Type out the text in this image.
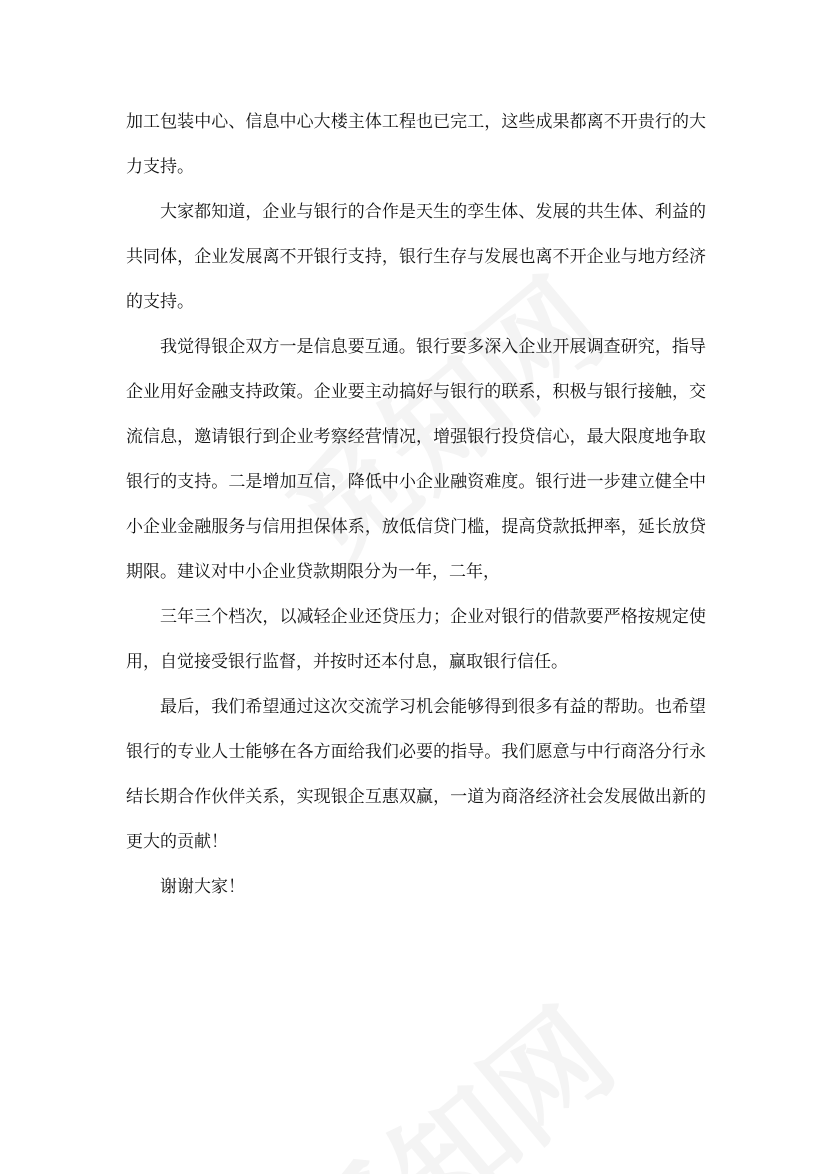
加工包装中心、信息中心大楼主体工程也已完工，这些成果都离不开贵行的大力支持。

大家都知道，企业与银行的合作是天生的孪生体、发展的共生体、利益的共同体，企业发展离不开银行支持，银行生存与发展也离不开企业与地方经济的支持。

我觉得银企双方一是信息要互通。银行要多深入企业开展调查研究，指导企业用好金融支持政策。企业要主动搞好与银行的联系，积极与银行接触，交流信息，邀请银行到企业考察经营情况，增强银行投贷信心，最大限度地争取银行的支持。二是增加互信，降低中小企业融资难度。银行进一步建立健全中小企业金融服务与信用担保体系，放低信贷门槛，提高贷款抵押率，延长放贷期限。建议对中小企业贷款期限分为一年，二年，

三年三个档次，以减轻企业还贷压力；企业对银行的借款要严格按规定使用，自觉接受银行监督，并按时还本付息，赢取银行信任。

最后，我们希望通过这次交流学习机会能够得到很多有益的帮助。也希望银行的专业人士能够在各方面给我们必要的指导。我们愿意与中行商洛分行永结长期合作伙伴关系，实现银企互惠双赢，一道为商洛经济社会发展做出新的更大的贡献！

谢谢大家！
